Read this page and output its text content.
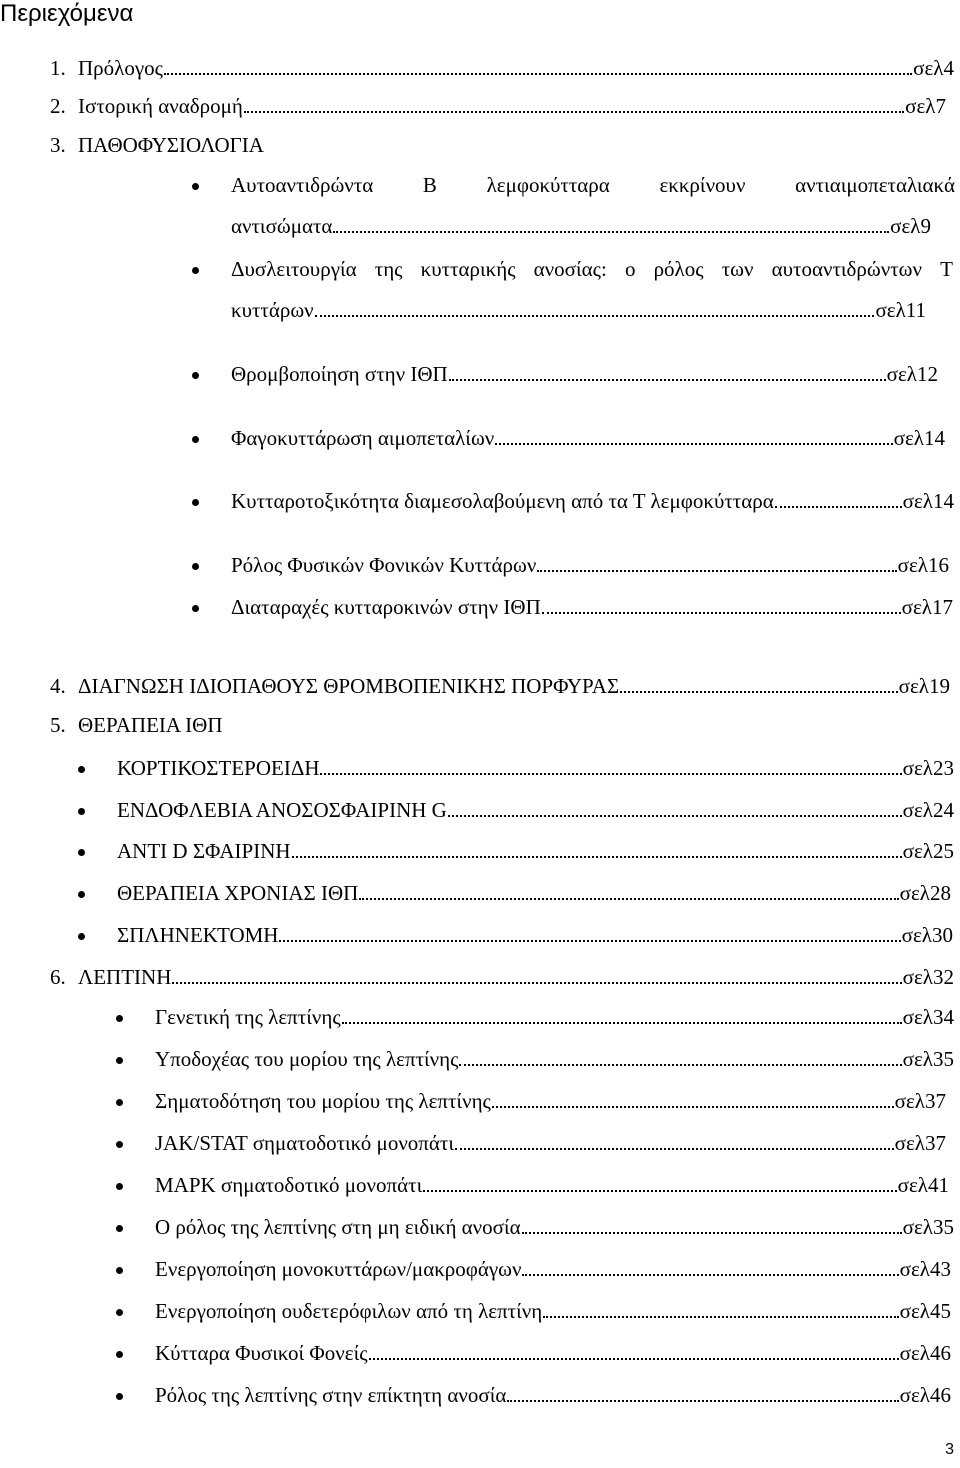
Περιεχόμενα
1. Πρόλογος	σελ4
2. Ιστορική αναδρομή	σελ7
3. ΠΑΘΟΦΥΣΙΟΛΟΓΙΑ
Αυτοαντιδρώντα Β λεμφοκύτταρα εκκρίνουν αντιαιμοπεταλιακά
αντισώματα	σελ9
Δυσλειτουργία της κυτταρικής ανοσίας: ο ρόλος των αυτοαντιδρώντων Τ
κυττάρων	σελ11
Θρομβοποίηση στην ΙΘΠ	σελ12
Φαγοκυττάρωση αιμοπεταλίων	σελ14
Κυτταροτοξικότητα διαμεσολαβούμενη από τα Τ λεμφοκύτταρα	σελ14
Ρόλος Φυσικών Φονικών Κυττάρων	σελ16
Διαταραχές κυτταροκινών στην ΙΘΠ	σελ17
4. ΔΙΑΓΝΩΣΗ ΙΔΙΟΠΑΘΟΥΣ ΘΡΟΜΒΟΠΕΝΙΚΗΣ ΠΟΡΦΥΡΑΣ	σελ19
5. ΘΕΡΑΠΕΙΑ ΙΘΠ
ΚΟΡΤΙΚΟΣΤΕΡΟΕΙΔΗ	σελ23
ΕΝΔΟΦΛΕΒΙΑ ΑΝΟΣΟΣΦΑΙΡΙΝΗ G	σελ24
ΑΝΤΙ D ΣΦΑΙΡΙΝΗ	σελ25
ΘΕΡΑΠΕΙΑ ΧΡΟΝΙΑΣ ΙΘΠ	σελ28
ΣΠΛΗΝΕΚΤΟΜΗ	σελ30
6. ΛΕΠΤΙΝΗ	σελ32
Γενετική της λεπτίνης	σελ34
Υποδοχέας του μορίου της λεπτίνης	σελ35
Σηματοδότηση του μορίου της λεπτίνης	σελ37
JAK/STAT σηματοδοτικό μονοπάτι	σελ37
MAPK σηματοδοτικό μονοπάτι	σελ41
Ο ρόλος της λεπτίνης στη μη ειδική ανοσία	σελ35
Ενεργοποίηση μονοκυττάρων/μακροφάγων	σελ43
Ενεργοποίηση ουδετερόφιλων από τη λεπτίνη	σελ45
Κύτταρα Φυσικοί Φονείς	σελ46
Ρόλος της λεπτίνης στην επίκτητη ανοσία	σελ46
3
